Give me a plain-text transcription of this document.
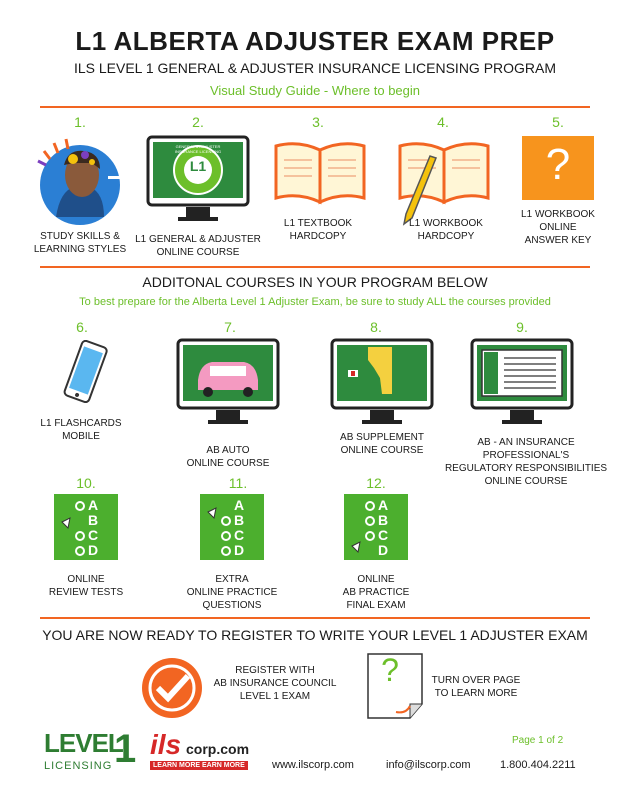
L1 ALBERTA ADJUSTER EXAM PREP
ILS LEVEL 1 GENERAL & ADJUSTER INSURANCE LICENSING PROGRAM
Visual Study Guide - Where to begin
1.	2.	3.	4.	5.
L1
GENERAL & ADJUSTER INSURANCE LICENSING	?
STUDY SKILLS &
LEARNING STYLES
L1 GENERAL & ADJUSTER
ONLINE COURSE
L1 TEXTBOOK
HARDCOPY
L1 WORKBOOK
HARDCOPY
L1 WORKBOOK
ONLINE
ANSWER KEY
ADDITONAL COURSES IN YOUR PROGRAM BELOW
To best prepare for the Alberta Level 1 Adjuster Exam, be sure to study ALL the courses provided
6.	7.	8.	9.
L1 FLASHCARDS
MOBILE
AB AUTO
ONLINE COURSE
AB SUPPLEMENT
ONLINE COURSE
AB - AN INSURANCE
PROFESSIONAL'S
REGULATORY RESPONSIBILITIES
ONLINE COURSE
10.	11.	12.
A
B
C
D
A
B
C
D
A
B
C
D
ONLINE
REVIEW TESTS
EXTRA
ONLINE PRACTICE
QUESTIONS
ONLINE
AB PRACTICE
FINAL EXAM
YOU ARE NOW READY TO REGISTER TO WRITE YOUR LEVEL 1 ADJUSTER EXAM
REGISTER WITH
AB INSURANCE COUNCIL
LEVEL 1 EXAM
?	TURN OVER PAGE
TO LEARN MORE
Page 1 of 2
LEVEL
1
LICENSING
ils corp.com
LEARN MORE EARN MORE www.ilscorp.com	info@ilscorp.com	1.800.404.2211
